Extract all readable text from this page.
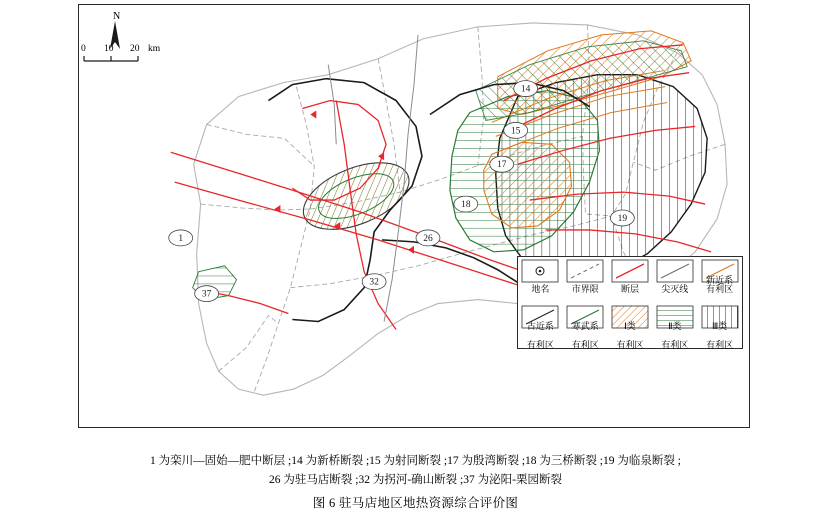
1
14
15
17
18
19
26
32
37
N
0 10 20 km
地名 市界限 断层 尖灭线
新近系
有利区
古近系

有利区
寒武系

有利区
Ⅰ类

有利区
Ⅱ类

有利区
Ⅲ类

有利区
1 为栾川—固始—肥中断层 ;14 为新桥断裂 ;15 为射同断裂 ;17 为殷湾断裂 ;18 为三桥断裂 ;19 为临泉断裂 ;
26 为驻马店断裂 ;32 为拐河-确山断裂 ;37 为泌阳-栗园断裂
图 6 驻马店地区地热资源综合评价图
